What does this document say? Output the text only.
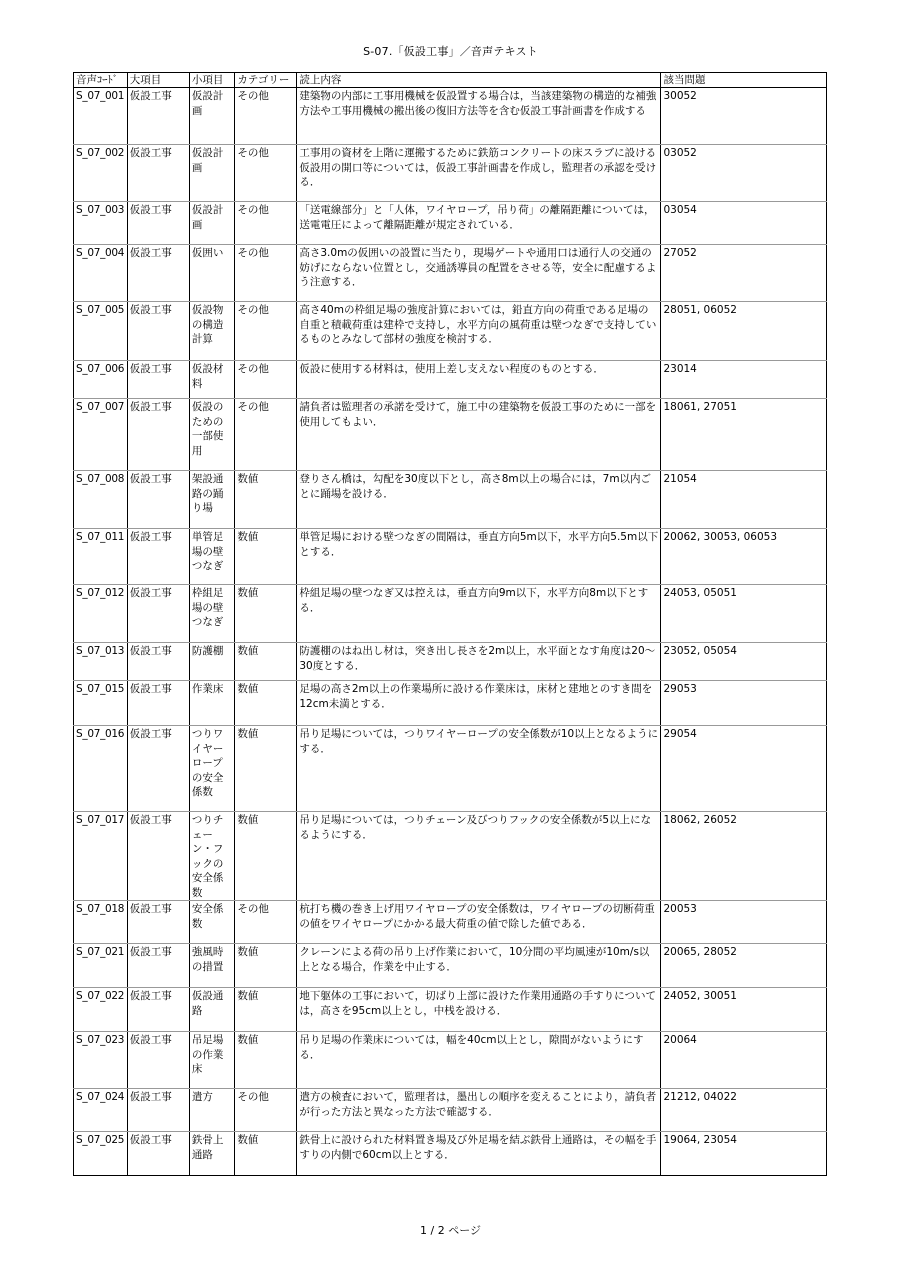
S-07.「仮設工事」／音声テキスト
音声ｺｰﾄﾞ	大項目	小項目	カテゴリー	読上内容	該当問題
S_07_001	仮設工事	仮設計画	その他	建築物の内部に工事用機械を仮設置する場合は，当該建築物の構造的な補強方法や工事用機械の搬出後の復旧方法等を含む仮設工事計画書を作成する	30052
S_07_002	仮設工事	仮設計画	その他	工事用の資材を上階に運搬するために鉄筋コンクリートの床スラブに設ける仮設用の開口等については，仮設工事計画書を作成し，監理者の承認を受ける．	03052
S_07_003	仮設工事	仮設計画	その他	「送電線部分」と「人体，ワイヤロープ，吊り荷」の離隔距離については，送電電圧によって離隔距離が規定されている．	03054
S_07_004	仮設工事	仮囲い	その他	高さ3.0mの仮囲いの設置に当たり，現場ゲートや通用口は通行人の交通の妨げにならない位置とし，交通誘導員の配置をさせる等，安全に配慮するよう注意する．	27052
S_07_005	仮設工事	仮設物の構造計算	その他	高さ40mの枠組足場の強度計算においては，鉛直方向の荷重である足場の自重と積載荷重は建枠で支持し，水平方向の風荷重は壁つなぎで支持しているものとみなして部材の強度を検討する．	28051, 06052
S_07_006	仮設工事	仮設材料	その他	仮設に使用する材料は，使用上差し支えない程度のものとする．	23014
S_07_007	仮設工事	仮設のための一部使用	その他	請負者は監理者の承諾を受けて，施工中の建築物を仮設工事のために一部を使用してもよい．	18061, 27051
S_07_008	仮設工事	架設通路の踊り場	数値	登りさん橋は，勾配を30度以下とし，高さ8m以上の場合には，7m以内ごとに踊場を設ける．	21054
S_07_011	仮設工事	単管足場の壁つなぎ	数値	単管足場における壁つなぎの間隔は，垂直方向5m以下，水平方向5.5m以下とする．	20062, 30053, 06053
S_07_012	仮設工事	枠組足場の壁つなぎ	数値	枠組足場の壁つなぎ又は控えは，垂直方向9m以下，水平方向8m以下とする．	24053, 05051
S_07_013	仮設工事	防護棚	数値	防護棚のはね出し材は，突き出し長さを2m以上，水平面となす角度は20～30度とする．	23052, 05054
S_07_015	仮設工事	作業床	数値	足場の高さ2m以上の作業場所に設ける作業床は，床材と建地とのすき間を12cm未満とする．	29053
S_07_016	仮設工事	つりワイヤーロープの安全係数	数値	吊り足場については，つりワイヤーロープの安全係数が10以上となるようにする．	29054
S_07_017	仮設工事	つりチェーン・フックの安全係数	数値	吊り足場については，つりチェーン及びつりフックの安全係数が5以上になるようにする．	18062, 26052
S_07_018	仮設工事	安全係数	その他	杭打ち機の巻き上げ用ワイヤロープの安全係数は，ワイヤロープの切断荷重の値をワイヤロープにかかる最大荷重の値で除した値である．	20053
S_07_021	仮設工事	強風時の措置	数値	クレーンによる荷の吊り上げ作業において，10分間の平均風速が10m/s以上となる場合，作業を中止する．	20065, 28052
S_07_022	仮設工事	仮設通路	数値	地下躯体の工事において，切ばり上部に設けた作業用通路の手すりについては，高さを95cm以上とし，中桟を設ける．	24052, 30051
S_07_023	仮設工事	吊足場の作業床	数値	吊り足場の作業床については，幅を40cm以上とし，隙間がないようにする．	20064
S_07_024	仮設工事	遣方	その他	遣方の検査において，監理者は，墨出しの順序を変えることにより，請負者が行った方法と異なった方法で確認する．	21212, 04022
S_07_025	仮設工事	鉄骨上通路	数値	鉄骨上に設けられた材料置き場及び外足場を結ぶ鉄骨上通路は，その幅を手すりの内側で60cm以上とする．	19064, 23054
1 / 2 ページ
